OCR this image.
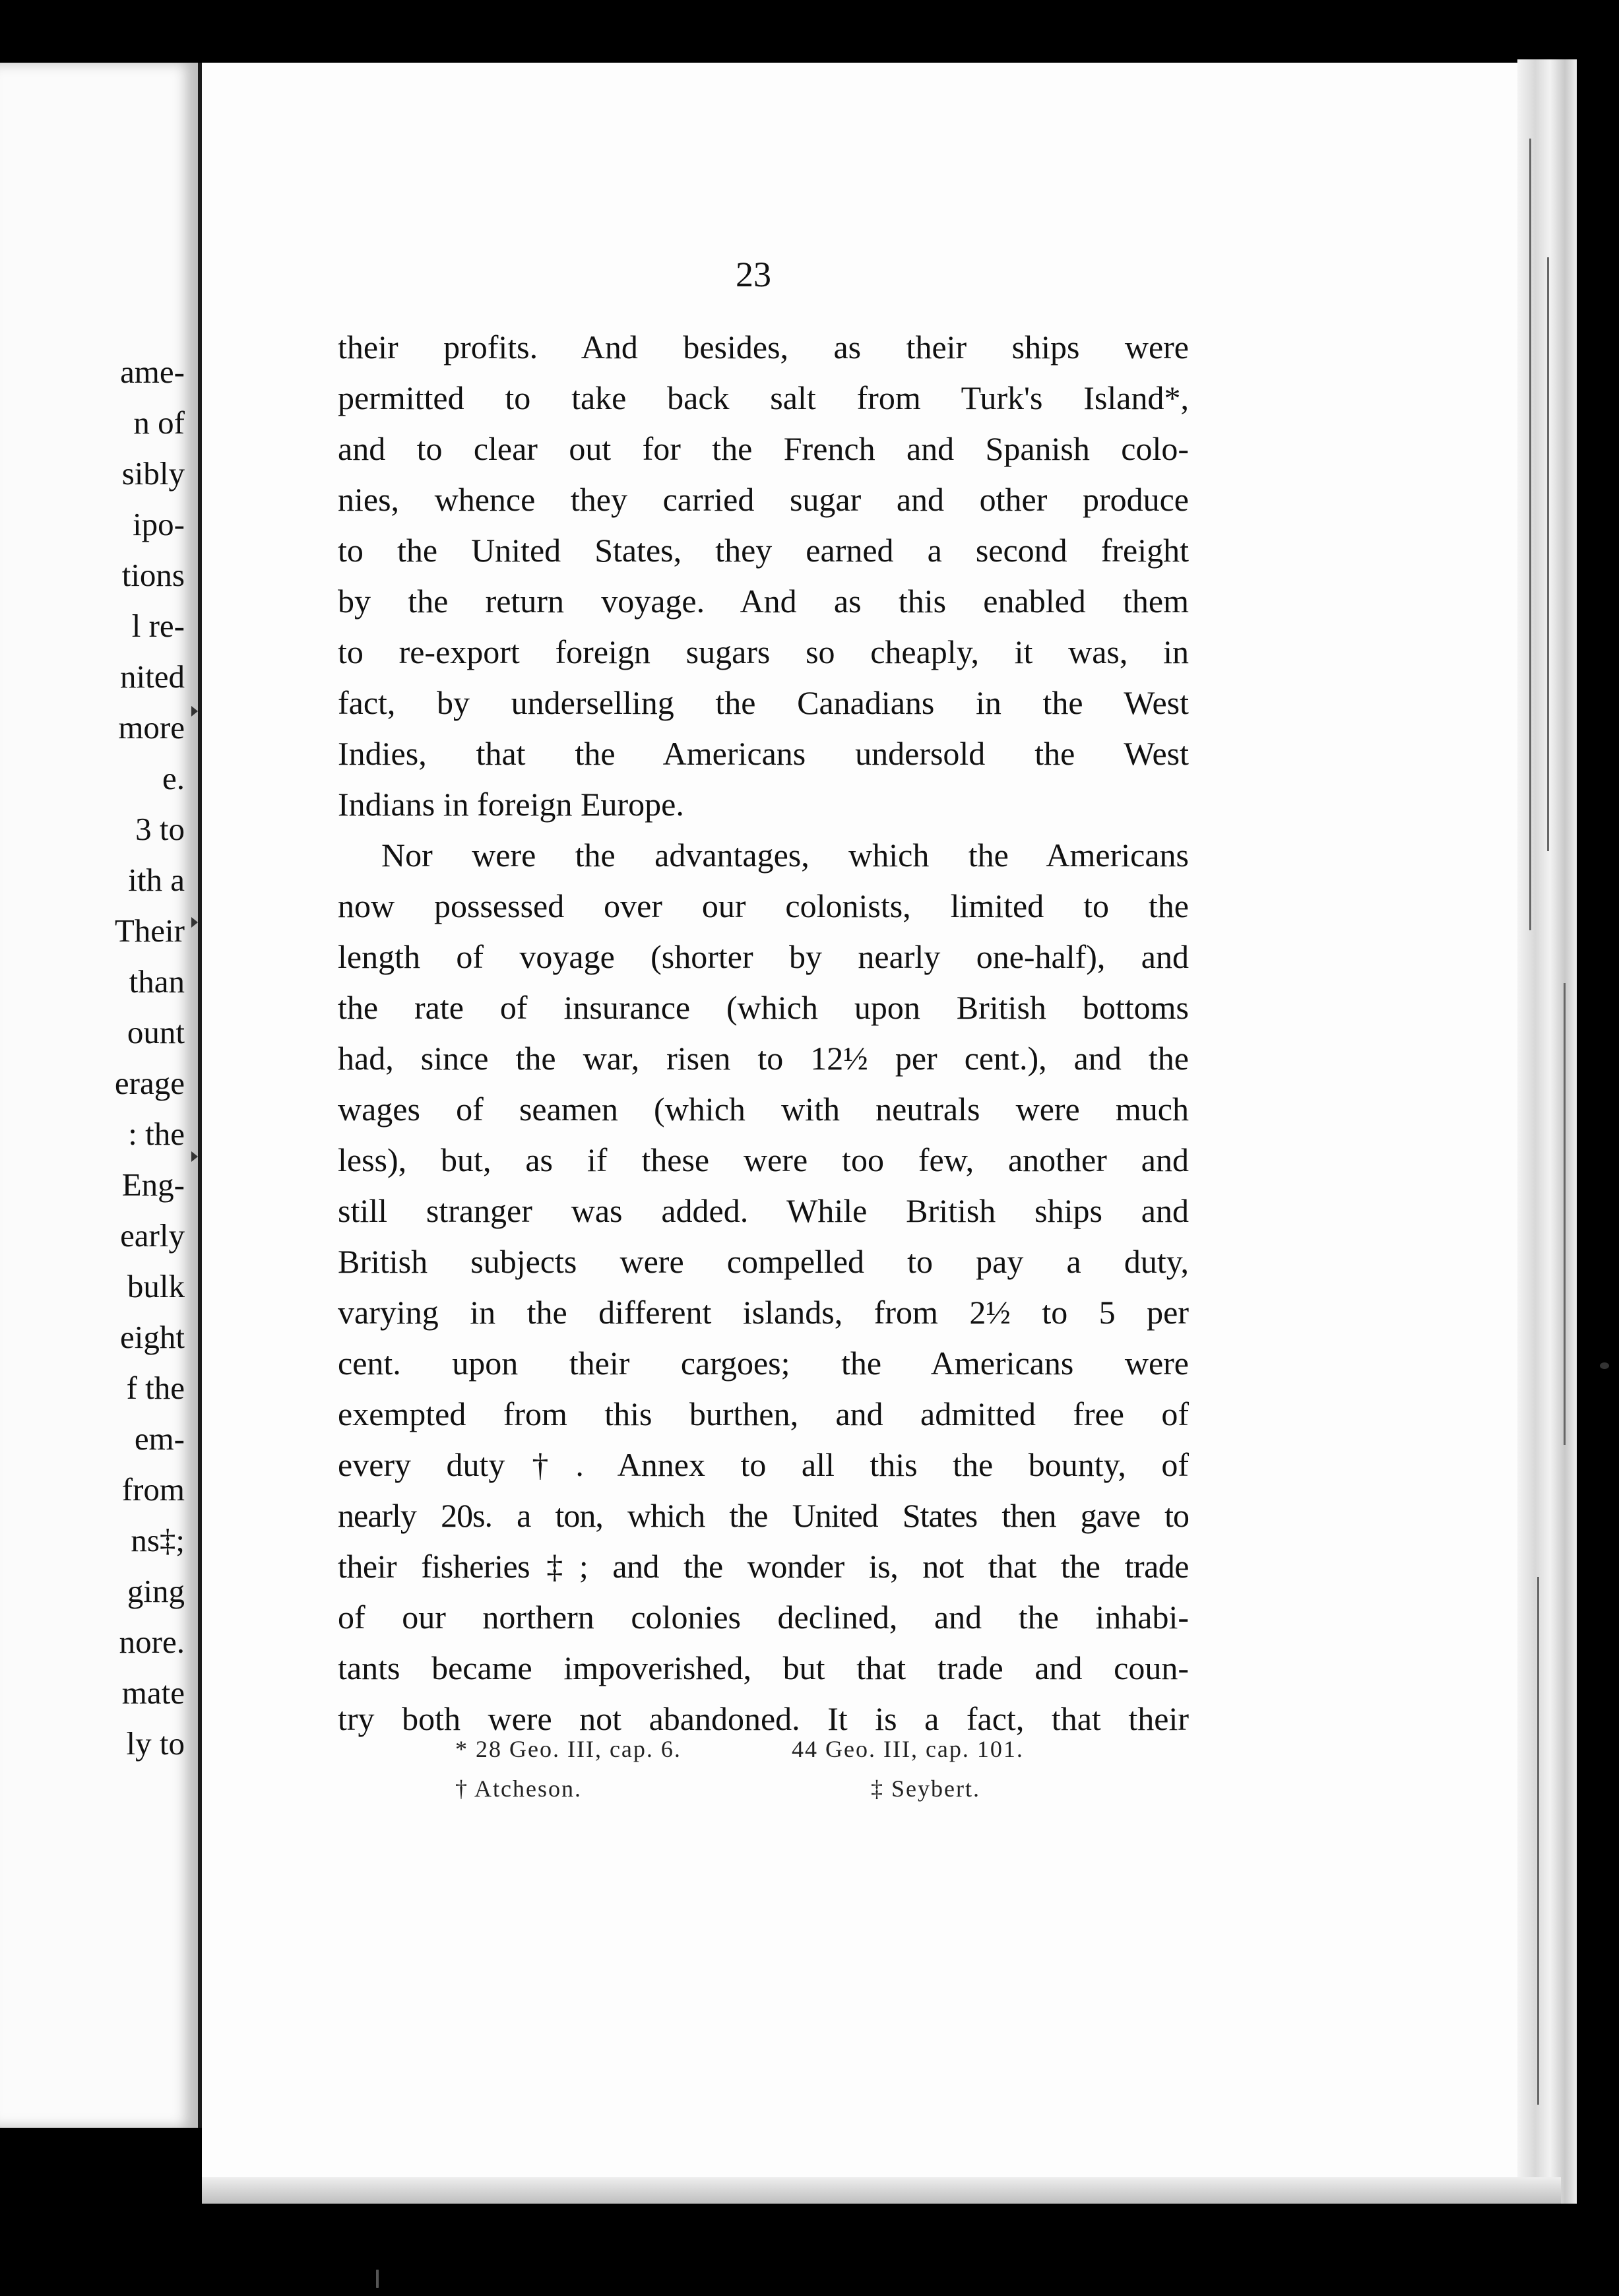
ame-
n of
sibly
ipo-
tions
l re-
nited
more
e.
3 to
ith a
Their
than
ount
erage
: the
Eng-
early
bulk
eight
f the
em-
from
ns‡;
ging
nore.
mate
ly to
23
their profits. And besides, as their ships were
permitted to take back salt from Turk's Island*,
and to clear out for the French and Spanish colo-
nies, whence they carried sugar and other produce
to the United States, they earned a second freight
by the return voyage. And as this enabled them
to re-export foreign sugars so cheaply, it was, in
fact, by underselling the Canadians in the West
Indies, that the Americans undersold the West
Indians in foreign Europe.
Nor were the advantages, which the Americans
now possessed over our colonists, limited to the
length of voyage (shorter by nearly one-half), and
the rate of insurance (which upon British bottoms
had, since the war, risen to 12½ per cent.), and the
wages of seamen (which with neutrals were much
less), but, as if these were too few, another and
still stranger was added. While British ships and
British subjects were compelled to pay a duty,
varying in the different islands, from 2½ to 5 per
cent. upon their cargoes; the Americans were
exempted from this burthen, and admitted free of
every duty†. Annex to all this the bounty, of
nearly 20s. a ton, which the United States then gave to
their fisheries‡; and the wonder is, not that the trade
of our northern colonies declined, and the inhabi-
tants became impoverished, but that trade and coun-
try both were not abandoned. It is a fact, that their
* 28 Geo. III, cap. 6.	44 Geo. III, cap. 101.
† Atcheson.	‡ Seybert.
